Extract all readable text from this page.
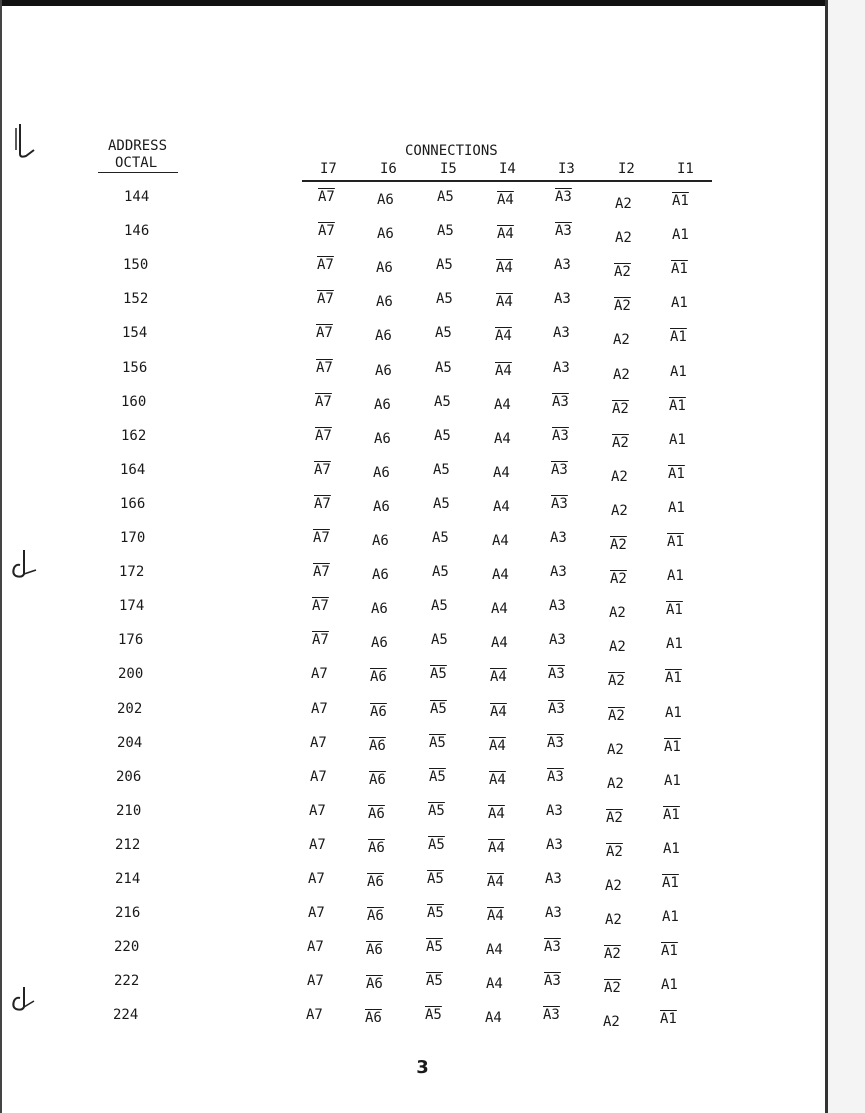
ADDRESS
OCTAL
CONNECTIONS
I7	I6	I5	I4	I3	I2	I1
144	A7	A6	A5	A4	A3	A2	A1
146	A7	A6	A5	A4	A3	A2	A1
150	A7	A6	A5	A4	A3	A2	A1
152	A7	A6	A5	A4	A3	A2	A1
154	A7	A6	A5	A4	A3	A2	A1
156	A7	A6	A5	A4	A3	A2	A1
160	A7	A6	A5	A4	A3	A2	A1
162	A7	A6	A5	A4	A3	A2	A1
164	A7	A6	A5	A4	A3	A2	A1
166	A7	A6	A5	A4	A3	A2	A1
170	A7	A6	A5	A4	A3	A2	A1
172	A7	A6	A5	A4	A3	A2	A1
174	A7	A6	A5	A4	A3	A2	A1
176	A7	A6	A5	A4	A3	A2	A1
200	A7	A6	A5	A4	A3	A2	A1
202	A7	A6	A5	A4	A3	A2	A1
204	A7	A6	A5	A4	A3	A2	A1
206	A7	A6	A5	A4	A3	A2	A1
210	A7	A6	A5	A4	A3	A2	A1
212	A7	A6	A5	A4	A3	A2	A1
214	A7	A6	A5	A4	A3	A2	A1
216	A7	A6	A5	A4	A3	A2	A1
220	A7	A6	A5	A4	A3	A2	A1
222	A7	A6	A5	A4	A3	A2	A1
224	A7	A6	A5	A4	A3	A2	A1
3
